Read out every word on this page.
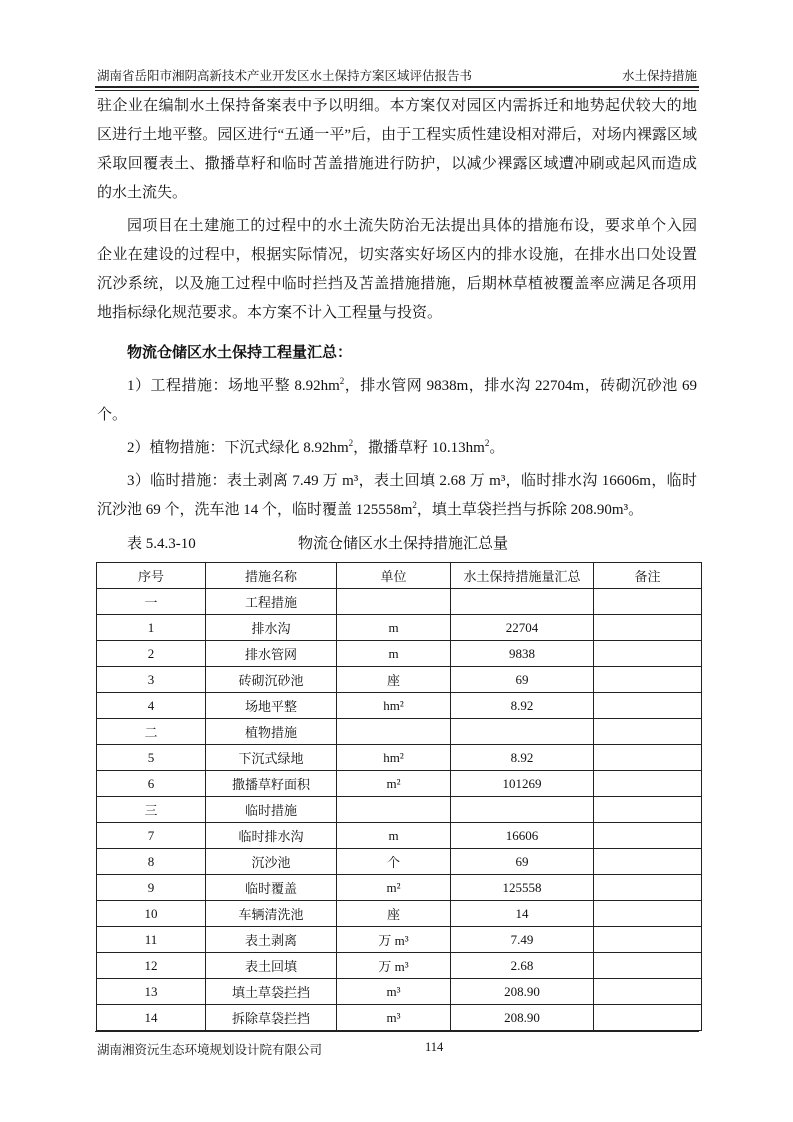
湖南省岳阳市湘阴高新技术产业开发区水土保持方案区域评估报告书	水土保持措施
驻企业在编制水土保持备案表中予以明细。本方案仅对园区内需拆迁和地势起伏较大的地
区进行土地平整。园区进行“五通一平”后，由于工程实质性建设相对滞后，对场内裸露区域
采取回覆表土、撒播草籽和临时苫盖措施进行防护，以减少裸露区域遭冲刷或起风而造成
的水土流失。
园项目在土建施工的过程中的水土流失防治无法提出具体的措施布设，要求单个入园
企业在建设的过程中，根据实际情况，切实落实好场区内的排水设施，在排水出口处设置
沉沙系统，以及施工过程中临时拦挡及苫盖措施措施，后期林草植被覆盖率应满足各项用
地指标绿化规范要求。本方案不计入工程量与投资。
物流仓储区水土保持工程量汇总：
1）工程措施：场地平整 $8.92hm^2$，排水管网 9838m，排水沟 22704m，砖砌沉砂池 69
个。
2）植物措施：下沉式绿化 $8.92hm^2$，撒播草籽 $10.13hm^2$。
3）临时措施：表土剥离 7.49 万 m³，表土回填 2.68 万 m³，临时排水沟 16606m，临时
沉沙池 69 个，洗车池 14 个，临时覆盖 $125558m^2$，填土草袋拦挡与拆除 208.90m³。
表 5.4.3-10	物流仓储区水土保持措施汇总量
序号	措施名称	单位	水土保持措施量汇总	备注
一	工程措施			
1	排水沟	m	22704	
2	排水管网	m	9838	
3	砖砌沉砂池	座	69	
4	场地平整	hm²	8.92	
二	植物措施			
5	下沉式绿地	hm²	8.92	
6	撒播草籽面积	m²	101269	
三	临时措施			
7	临时排水沟	m	16606	
8	沉沙池	个	69	
9	临时覆盖	m²	125558	
10	车辆清洗池	座	14	
11	表土剥离	万 m³	7.49	
12	表土回填	万 m³	2.68	
13	填土草袋拦挡	m³	208.90	
14	拆除草袋拦挡	m³	208.90	
湖南湘资沅生态环境规划设计院有限公司	114
